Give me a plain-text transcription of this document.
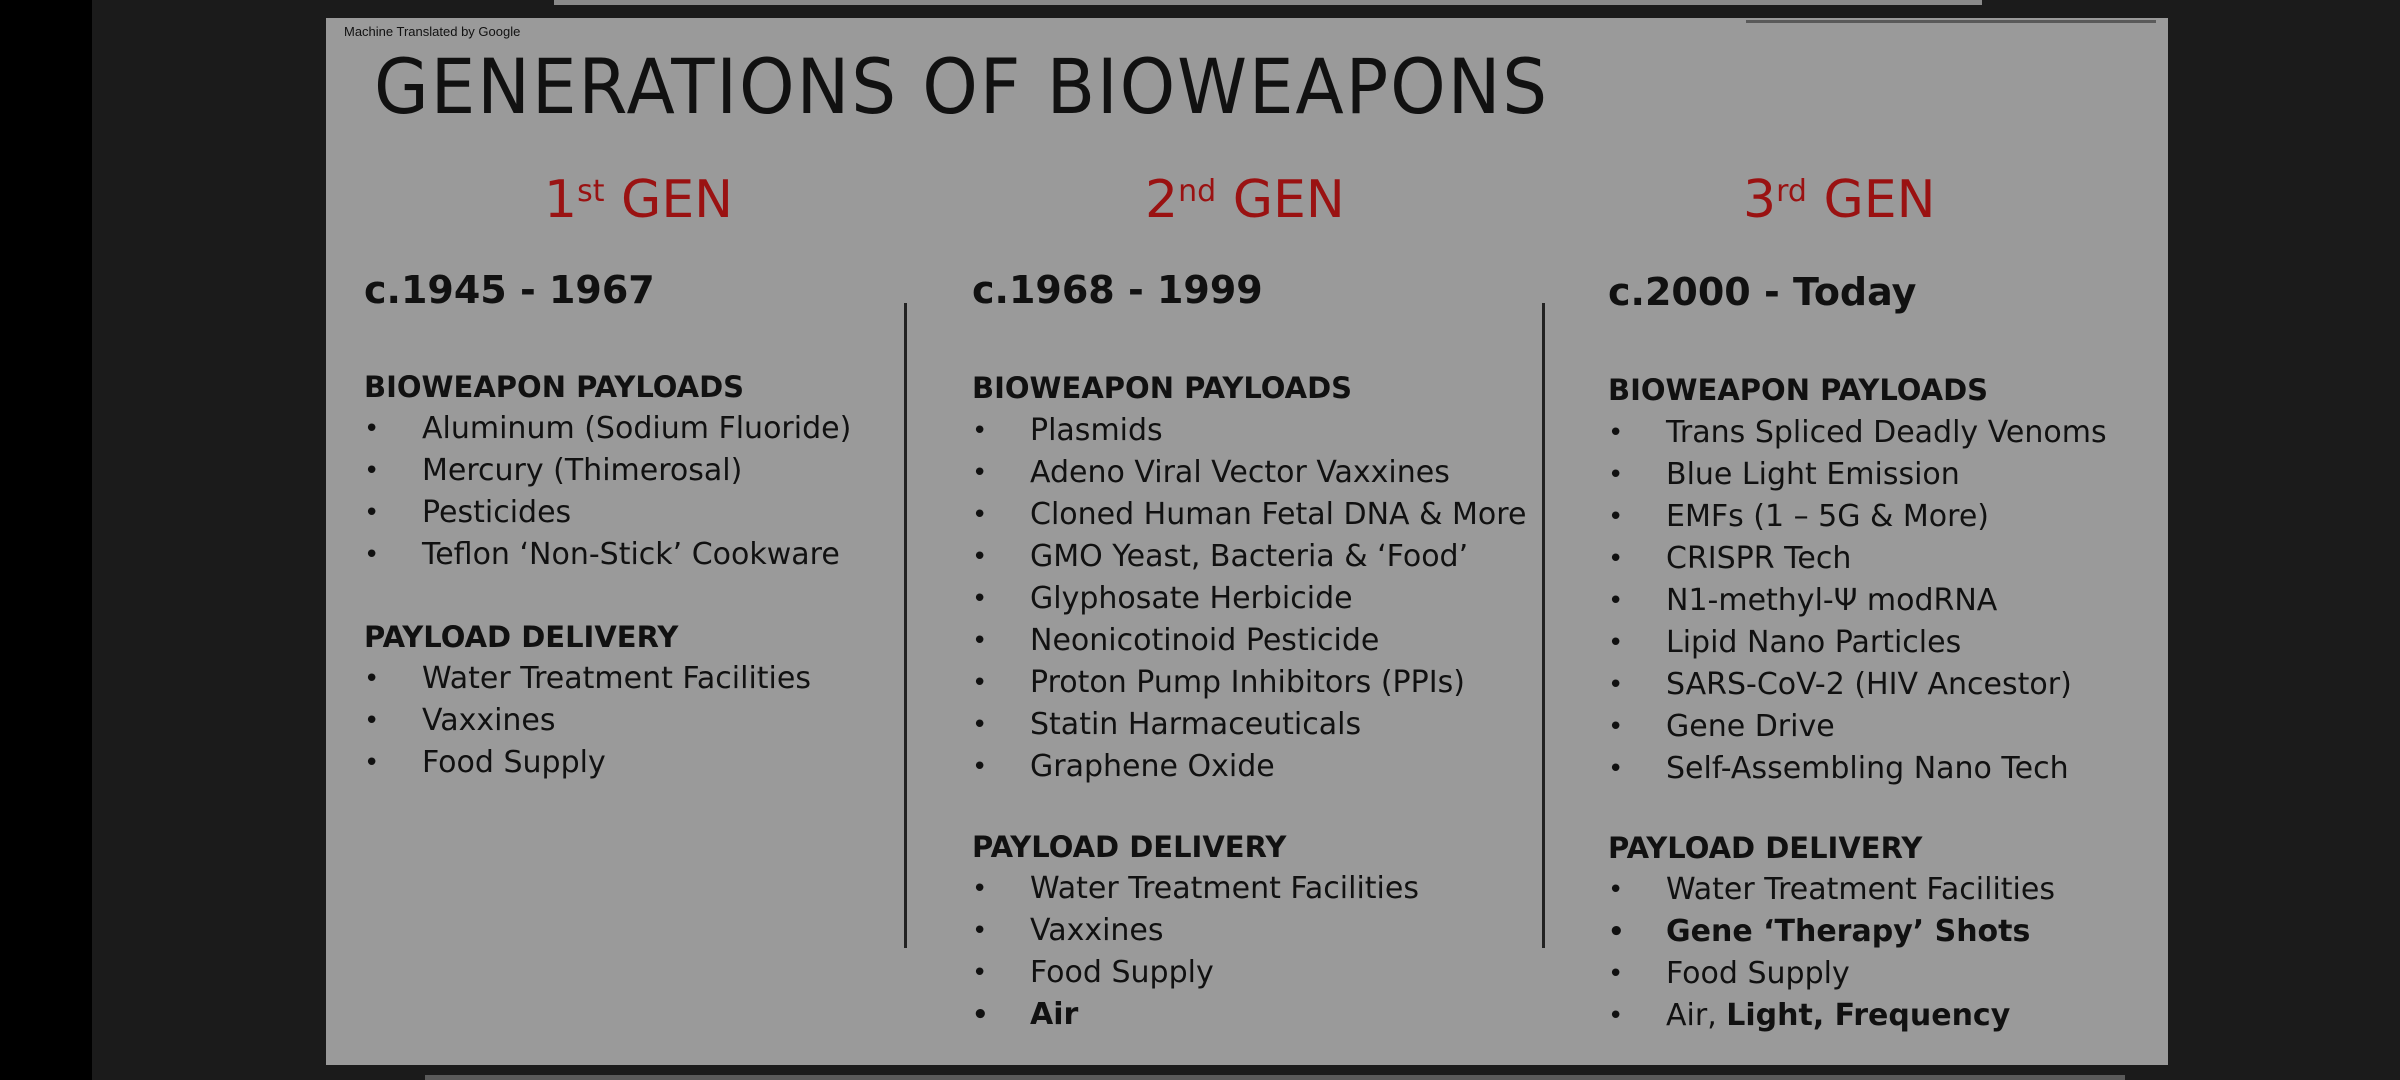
Machine Translated by Google
GENERATIONS OF BIOWEAPONS
1st GEN
c.1945 - 1967
BIOWEAPON PAYLOADS
• Aluminum (Sodium Fluoride)
• Mercury (Thimerosal)
• Pesticides
• Teflon ‘Non-Stick’ Cookware
PAYLOAD DELIVERY
• Water Treatment Facilities
• Vaxxines
• Food Supply
2nd GEN
c.1968 - 1999
BIOWEAPON PAYLOADS
• Plasmids
• Adeno Viral Vector Vaxxines
• Cloned Human Fetal DNA & More
• GMO Yeast, Bacteria & ‘Food’
• Glyphosate Herbicide
• Neonicotinoid Pesticide
• Proton Pump Inhibitors (PPIs)
• Statin Harmaceuticals
• Graphene Oxide
PAYLOAD DELIVERY
• Water Treatment Facilities
• Vaxxines
• Food Supply
• Air
3rd GEN
c.2000 - Today
BIOWEAPON PAYLOADS
• Trans Spliced Deadly Venoms
• Blue Light Emission
• EMFs (1 – 5G & More)
• CRISPR Tech
• N1-methyl-Ψ modRNA
• Lipid Nano Particles
• SARS-CoV-2 (HIV Ancestor)
• Gene Drive
• Self-Assembling Nano Tech
PAYLOAD DELIVERY
• Water Treatment Facilities
• Gene ‘Therapy’ Shots
• Food Supply
• Air, Light, Frequency
